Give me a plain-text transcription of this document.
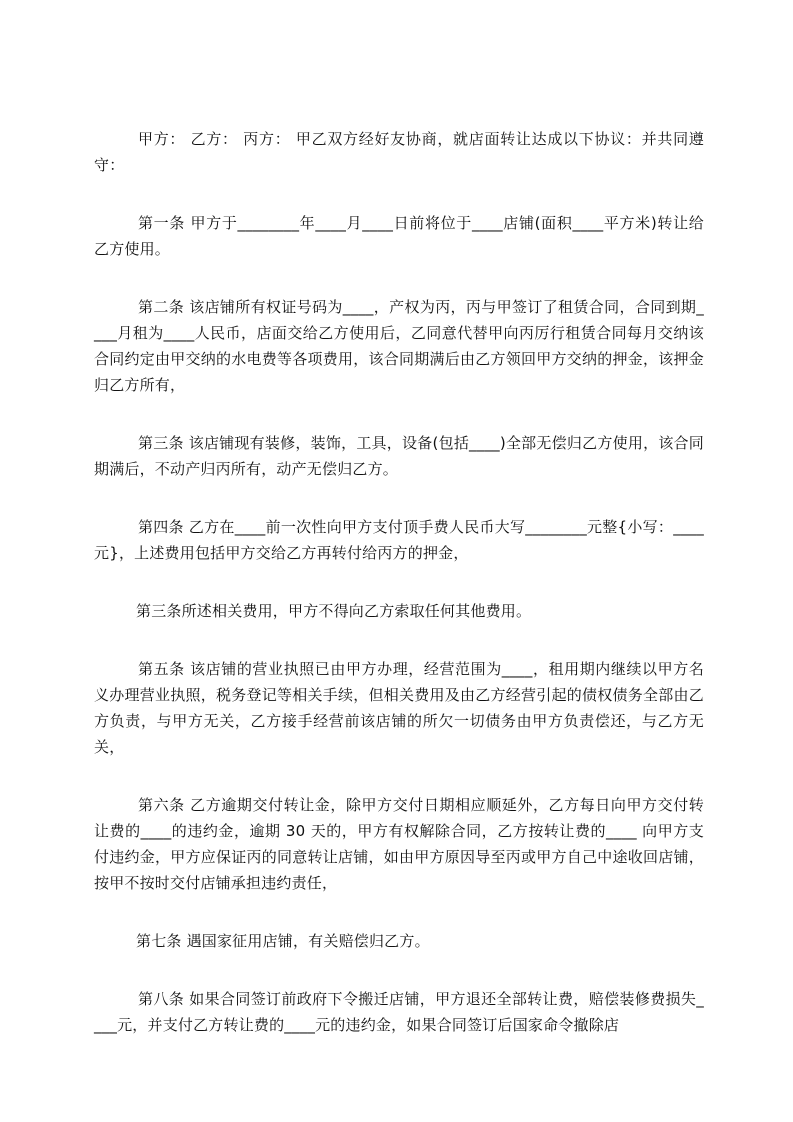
甲方： 乙方： 丙方： 甲乙双方经好友协商，就店面转让达成以下协议：并共同遵守：

第一条 甲方于________年____月____日前将位于____店铺(面积____平方米)转让给乙方使用。

第二条 该店铺所有权证号码为____，产权为丙，丙与甲签订了租赁合同，合同到期____月租为____人民币，店面交给乙方使用后，乙同意代替甲向丙厉行租赁合同每月交纳该合同约定由甲交纳的水电费等各项费用，该合同期满后由乙方领回甲方交纳的押金，该押金归乙方所有，

第三条 该店铺现有装修，装饰，工具，设备(包括____)全部无偿归乙方使用，该合同期满后，不动产归丙所有，动产无偿归乙方。

第四条 乙方在____前一次性向甲方支付顶手费人民币大写________元整{小写：____元}，上述费用包括甲方交给乙方再转付给丙方的押金，

第三条所述相关费用，甲方不得向乙方索取任何其他费用。

第五条 该店铺的营业执照已由甲方办理，经营范围为____，租用期内继续以甲方名义办理营业执照，税务登记等相关手续，但相关费用及由乙方经营引起的债权债务全部由乙方负责，与甲方无关，乙方接手经营前该店铺的所欠一切债务由甲方负责偿还，与乙方无关，

第六条 乙方逾期交付转让金，除甲方交付日期相应顺延外，乙方每日向甲方交付转让费的____的违约金，逾期 30 天的，甲方有权解除合同，乙方按转让费的____ 向甲方支付违约金，甲方应保证丙的同意转让店铺，如由甲方原因导至丙或甲方自己中途收回店铺，按甲不按时交付店铺承担违约责任，

第七条 遇国家征用店铺，有关赔偿归乙方。

第八条 如果合同签订前政府下令搬迁店铺，甲方退还全部转让费，赔偿装修费损失____元，并支付乙方转让费的____元的违约金，如果合同签订后国家命令撤除店
